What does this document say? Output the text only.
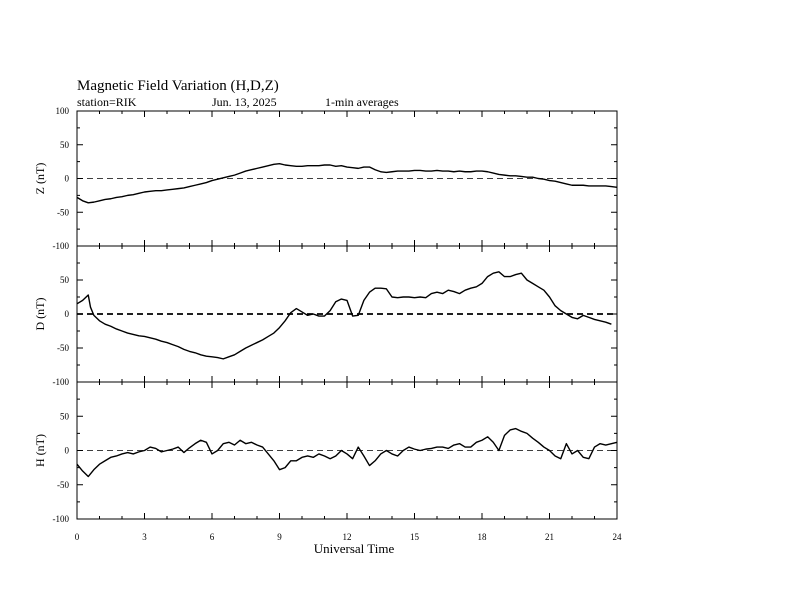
Magnetic Field Variation (H,D,Z)
station=RIK	Jun. 13, 2025	1-min averages
-100
-50
0
50
100
Z (nT)
-100
-50
0
50
D (nT)
-100
-50
0
50
H (nT)
0	3	6	9	12	15	18	21	24
Universal Time
